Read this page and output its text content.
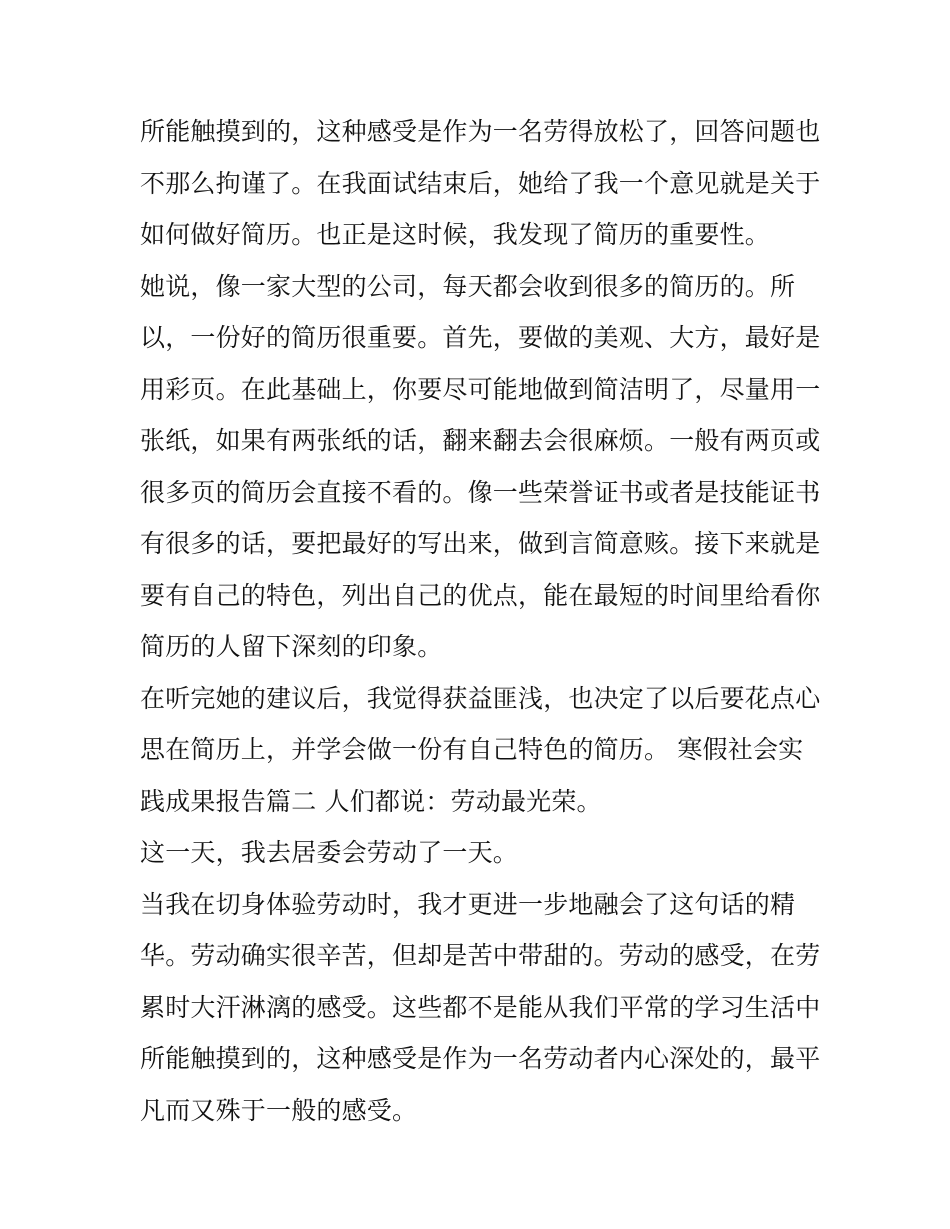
所能触摸到的，这种感受是作为一名劳得放松了，回答问题也
不那么拘谨了。在我面试结束后，她给了我一个意见就是关于
如何做好简历。也正是这时候，我发现了简历的重要性。
她说，像一家大型的公司，每天都会收到很多的简历的。所
以，一份好的简历很重要。首先，要做的美观、大方，最好是
用彩页。在此基础上，你要尽可能地做到简洁明了，尽量用一
张纸，如果有两张纸的话，翻来翻去会很麻烦。一般有两页或
很多页的简历会直接不看的。像一些荣誉证书或者是技能证书
有很多的话，要把最好的写出来，做到言简意赅。接下来就是
要有自己的特色，列出自己的优点，能在最短的时间里给看你
简历的人留下深刻的印象。
在听完她的建议后，我觉得获益匪浅，也决定了以后要花点心
思在简历上，并学会做一份有自己特色的简历。 寒假社会实
践成果报告篇二 人们都说：劳动最光荣。
这一天，我去居委会劳动了一天。
当我在切身体验劳动时，我才更进一步地融会了这句话的精
华。劳动确实很辛苦，但却是苦中带甜的。劳动的感受，在劳
累时大汗淋漓的感受。这些都不是能从我们平常的学习生活中
所能触摸到的，这种感受是作为一名劳动者内心深处的，最平
凡而又殊于一般的感受。
